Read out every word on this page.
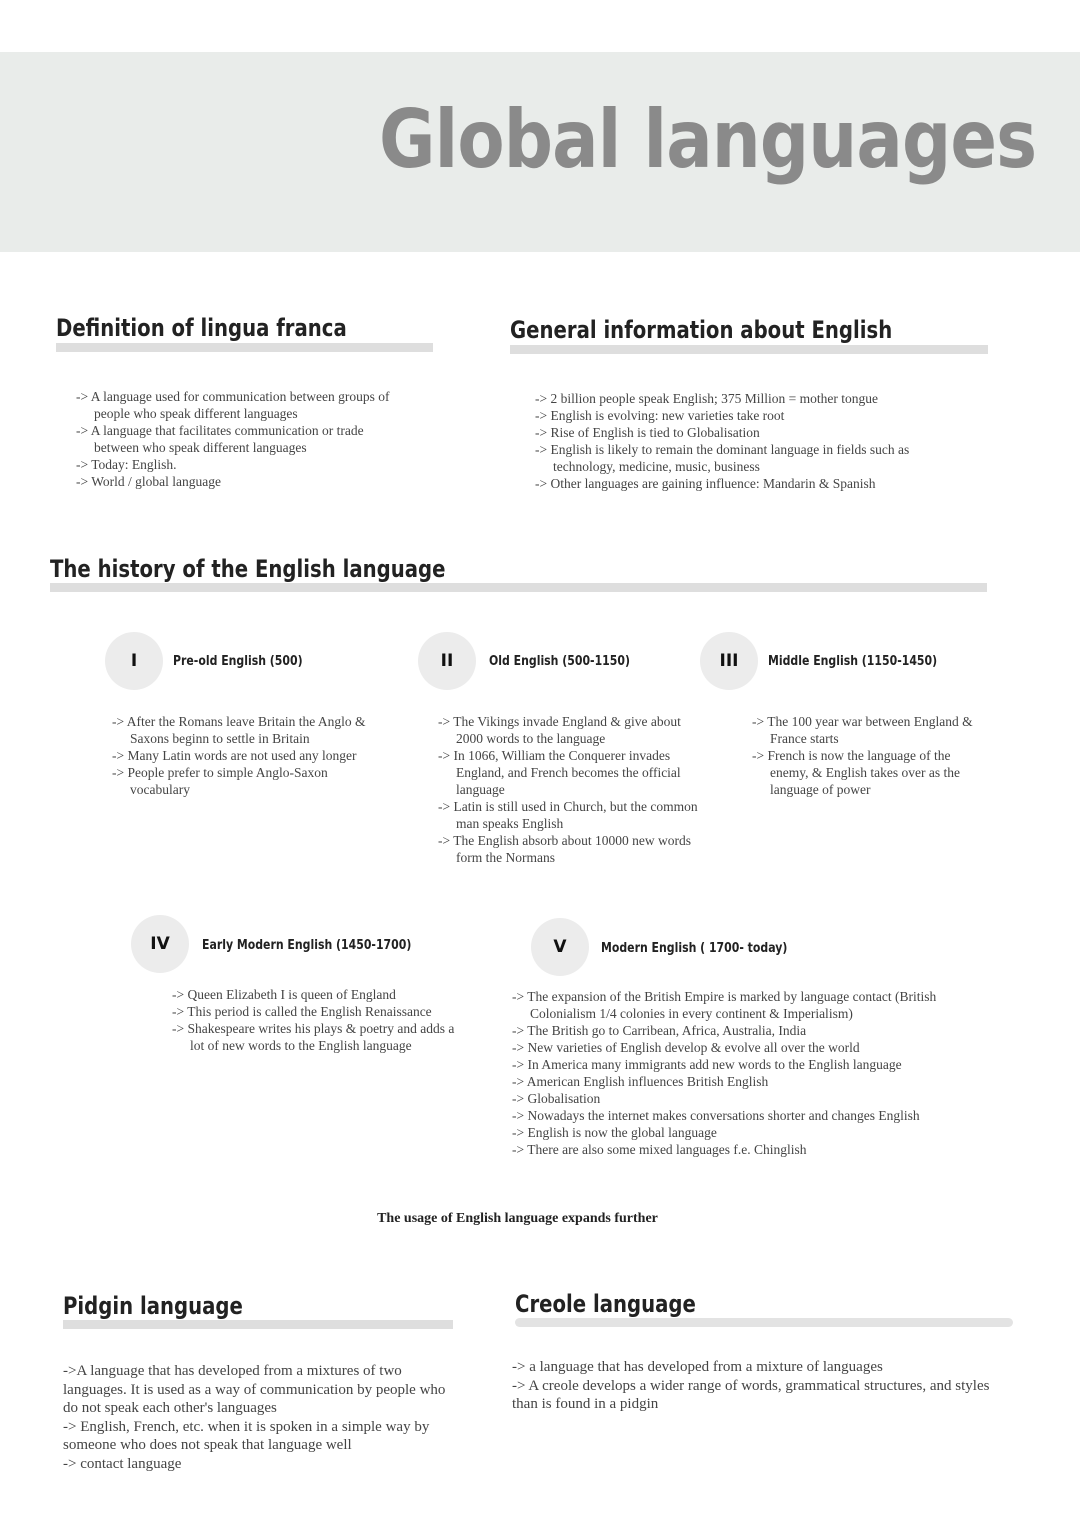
Global languages
Definition of lingua franca
-> A language used for communication between groups of people who speak different languages
-> A language that facilitates communication or trade between who speak different languages
-> Today: English.
-> World / global language
General information about English
-> 2 billion people speak English; 375 Million = mother tongue
-> English is evolving: new varieties take root
-> Rise of English is tied to Globalisation
-> English is likely to remain the dominant language in fields such as technology, medicine, music, business
-> Other languages are gaining influence: Mandarin & Spanish
The history of the English language
I	Pre-old English (500)

-> After the Romans leave Britain the Anglo & Saxons beginn to settle in Britain
-> Many Latin words are not used any longer
-> People prefer to simple Anglo-Saxon vocabulary
II	Old English (500-1150)

-> The Vikings invade England & give about 2000 words to the language
-> In 1066, William the Conquerer invades England, and French becomes the official language
-> Latin is still used in Church, but the common man speaks English
-> The English absorb about 10000 new words form the Normans
III	Middle English (1150-1450)

-> The 100 year war between England & France starts
-> French is now the language of the enemy, & English takes over as the language of power
IV	Early Modern English (1450-1700)

-> Queen Elizabeth I is queen of England
-> This period is called the English Renaissance
-> Shakespeare writes his plays & poetry and adds a lot of new words to the English language
V	Modern English ( 1700- today)

-> The expansion of the British Empire is marked by language contact (British Colonialism 1/4 colonies in every continent & Imperialism)
-> The British go to Carribean, Africa, Australia, India
-> New varieties of English develop & evolve all over the world
-> In America many immigrants add new words to the English language
-> American English influences British English
-> Globalisation
-> Nowadays the internet makes conversations shorter and changes English
-> English is now the global language
-> There are also some mixed languages f.e. Chinglish

The usage of English language expands further

Pidgin language
->A language that has developed from a mixtures of two languages. It is used as a way of communication by people who do not speak each other's languages
-> English, French, etc. when it is spoken in a simple way by someone who does not speak that language well
-> contact language
Creole language
-> a language that has developed from a mixture of languages
-> A creole develops a wider range of words, grammatical structures, and styles than is found in a pidgin
